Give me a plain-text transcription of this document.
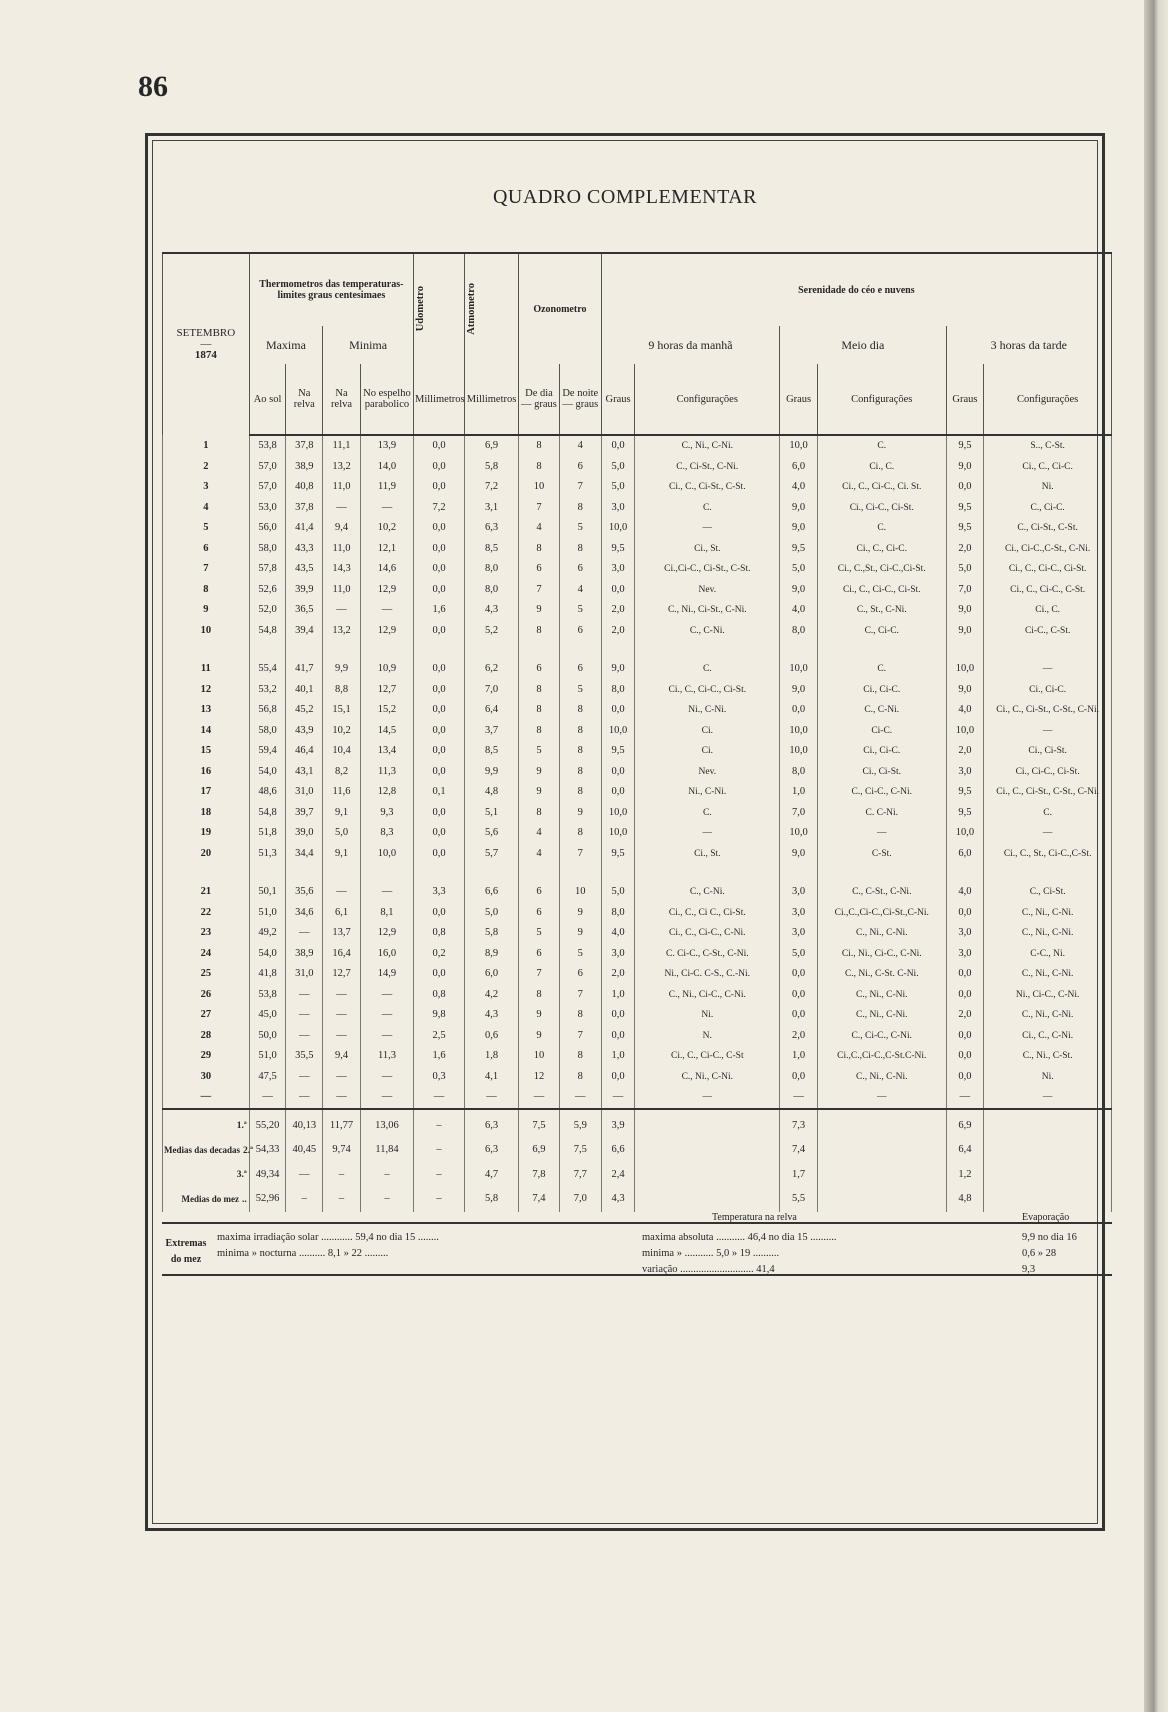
86
QUADRO COMPLEMENTAR
SETEMBRO
—
1874	Thermometros das temperaturas-limites graus centesimaes				Udometro	Atmometro	Ozonometro		Serenidade do céo e nuvens					
	Maxima		Minima						9 horas da manhã		Meio dia		3 horas da tarde	
	Ao sol	Na relva	Na relva	No espelho parabolico	Millimetros	Millimetros	De dia — graus	De noite — graus	Graus	Configurações	Graus	Configurações	Graus	Configurações
1	53,8	37,8	11,1	13,9	0,0	6,9	8	4	0,0	C., Ni., C-Ni.	10,0	C.	9,5	S.., C-St.
2	57,0	38,9	13,2	14,0	0,0	5,8	8	6	5,0	C., Ci-St., C-Ni.	6,0	Ci., C.	9,0	Ci., C., Ci-C.
3	57,0	40,8	11,0	11,9	0,0	7,2	10	7	5,0	Ci., C., Ci-St., C-St.	4,0	Ci., C., Ci-C., Ci. St.	0,0	Ni.
4	53,0	37,8	—	—	7,2	3,1	7	8	3,0	C.	9,0	Ci., Ci-C., Ci-St.	9,5	C., Ci-C.
5	56,0	41,4	9,4	10,2	0,0	6,3	4	5	10,0	—	9,0	C.	9,5	C., Ci-St., C-St.
6	58,0	43,3	11,0	12,1	0,0	8,5	8	8	9,5	Ci., St.	9,5	Ci., C., Ci-C.	2,0	Ci., Ci-C.,C-St., C-Ni.
7	57,8	43,5	14,3	14,6	0,0	8,0	6	6	3,0	Ci.,Ci-C., Ci-St., C-St.	5,0	Ci., C.,St., Ci-C.,Ci-St.	5,0	Ci., C., Ci-C., Ci-St.
8	52,6	39,9	11,0	12,9	0,0	8,0	7	4	0,0	Nev.	9,0	Ci., C., Ci-C., Ci-St.	7,0	Ci., C., Ci-C., C-St.
9	52,0	36,5	—	—	1,6	4,3	9	5	2,0	C., Ni., Ci-St., C-Ni.	4,0	C., St., C-Ni.	9,0	Ci., C.
10	54,8	39,4	13,2	12,9	0,0	5,2	8	6	2,0	C., C-Ni.	8,0	C., Ci-C.	9,0	Ci-C., C-St.

11	55,4	41,7	9,9	10,9	0,0	6,2	6	6	9,0	C.	10,0	C.	10,0	—
12	53,2	40,1	8,8	12,7	0,0	7,0	8	5	8,0	Ci., C., Ci-C., Ci-St.	9,0	Ci., Ci-C.	9,0	Ci., Ci-C.
13	56,8	45,2	15,1	15,2	0,0	6,4	8	8	0,0	Ni., C-Ni.	0,0	C., C-Ni.	4,0	Ci., C., Ci-St., C-St., C-Ni.
14	58,0	43,9	10,2	14,5	0,0	3,7	8	8	10,0	Ci.	10,0	Ci-C.	10,0	—
15	59,4	46,4	10,4	13,4	0,0	8,5	5	8	9,5	Ci.	10,0	Ci., Ci-C.	2,0	Ci., Ci-St.
16	54,0	43,1	8,2	11,3	0,0	9,9	9	8	0,0	Nev.	8,0	Ci., Ci-St.	3,0	Ci., Ci-C., Ci-St.
17	48,6	31,0	11,6	12,8	0,1	4,8	9	8	0,0	Ni., C-Ni.	1,0	C., Ci-C., C-Ni.	9,5	Ci., C., Ci-St., C-St., C-Ni.
18	54,8	39,7	9,1	9,3	0,0	5,1	8	9	10,0	C.	7,0	C. C-Ni.	9,5	C.
19	51,8	39,0	5,0	8,3	0,0	5,6	4	8	10,0	—	10,0	—	10,0	—
20	51,3	34,4	9,1	10,0	0,0	5,7	4	7	9,5	Ci., St.	9,0	C-St.	6,0	Ci., C., St., Ci-C.,C-St.

21	50,1	35,6	—	—	3,3	6,6	6	10	5,0	C., C-Ni.	3,0	C., C-St., C-Ni.	4,0	C., Ci-St.
22	51,0	34,6	6,1	8,1	0,0	5,0	6	9	8,0	Ci., C., Ci C., Ci-St.	3,0	Ci.,C.,Ci-C.,Ci-St.,C-Ni.	0,0	C., Ni., C-Ni.
23	49,2	—	13,7	12,9	0,8	5,8	5	9	4,0	Ci., C., Ci-C., C-Ni.	3,0	C., Ni., C-Ni.	3,0	C., Ni., C-Ni.
24	54,0	38,9	16,4	16,0	0,2	8,9	6	5	3,0	C. Ci-C., C-St., C-Ni.	5,0	Ci., Ni., Ci-C., C-Ni.	3,0	C-C., Ni.
25	41,8	31,0	12,7	14,9	0,0	6,0	7	6	2,0	Ni., Ci-C. C-S., C.-Ni.	0,0	C., Ni., C-St. C-Ni.	0,0	C., Ni., C-Ni.
26	53,8	—	—	—	0,8	4,2	8	7	1,0	C., Ni., Ci-C., C-Ni.	0,0	C., Ni., C-Ni.	0,0	Ni., Ci-C., C-Ni.
27	45,0	—	—	—	9,8	4,3	9	8	0,0	Ni.	0,0	C., Ni., C-Ni.	2,0	C., Ni., C-Ni.
28	50,0	—	—	—	2,5	0,6	9	7	0,0	N.	2,0	C., Ci-C., C-Ni.	0,0	Ci., C., C-Ni.
29	51,0	35,5	9,4	11,3	1,6	1,8	10	8	1,0	Ci., C., Ci-C., C-St	1,0	Ci.,C.,Ci-C.,C-St.C-Ni.	0,0	C., Ni., C-St.
30	47,5	—	—	—	0,3	4,1	12	8	0,0	C., Ni., C-Ni.	0,0	C., Ni., C-Ni.	0,0	Ni.
—	—	—	—	—	—	—	—	—	—	—	—	—	—	—
1.ª	55,20	40,13	11,77	13,06	–	6,3	7,5	5,9	3,9		7,3		6,9	
Medias das decadas 2.ª	54,33	40,45	9,74	11,84	–	6,3	6,9	7,5	6,6		7,4		6,4	
3.ª	49,34	—	–	–	–	4,7	7,8	7,7	2,4		1,7		1,2	
Medias do mez ..	52,96	–	–	–	–	5,8	7,4	7,0	4,3		5,5		4,8	
Extremas do mez
maxima irradiação solar ............ 59,4 no dia 15 ........
minima » nocturna .......... 8,1 » 22 .........
Temperatura na relva	Evaporação
maxima absoluta ........... 46,4 no dia 15 ..........
minima » ........... 5,0 » 19 ..........
variação ............................ 41,4
9,9 no dia 16
0,6 » 28
9,3
